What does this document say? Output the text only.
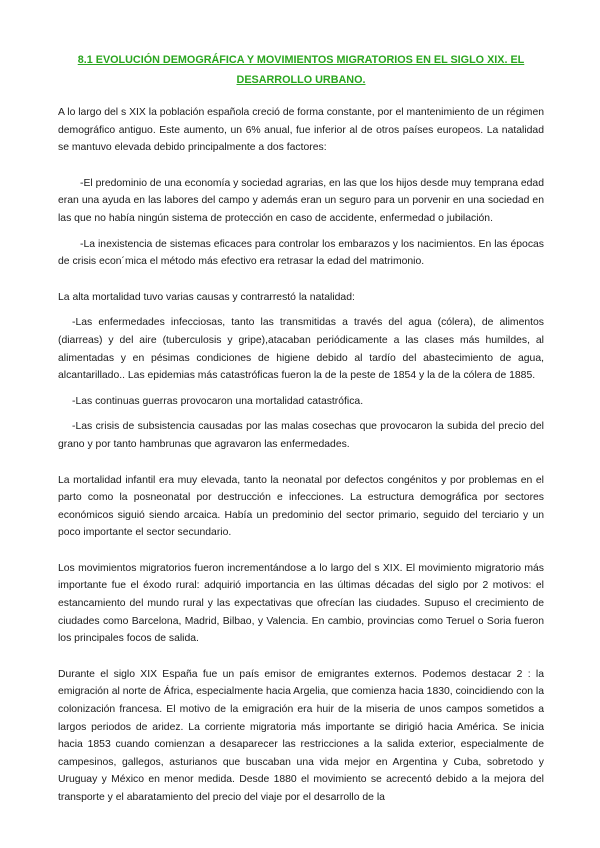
8.1 EVOLUCIÓN DEMOGRÁFICA Y MOVIMIENTOS MIGRATORIOS EN EL SIGLO XIX. EL DESARROLLO URBANO.

A lo largo del s XIX la población española creció de forma constante, por el mantenimiento de un régimen demográfico antiguo. Este aumento, un 6% anual, fue inferior al de otros países europeos. La natalidad se mantuvo elevada debido principalmente a dos factores:

-El predominio de una economía y sociedad agrarias, en las que los hijos desde muy temprana edad eran una ayuda en las labores del campo y además eran un seguro para un porvenir en una sociedad en las que no había ningún sistema de protección en caso de accidente, enfermedad o jubilación.

-La inexistencia de sistemas eficaces para controlar los embarazos y los nacimientos. En las épocas de crisis econ´mica el método más efectivo era retrasar la edad del matrimonio.

La alta mortalidad tuvo varias causas y contrarrestó la natalidad:

-Las enfermedades infecciosas, tanto las transmitidas a través del agua (cólera), de alimentos (diarreas) y del aire (tuberculosis y gripe),atacaban periódicamente a las clases más humildes, al alimentadas y en pésimas condiciones de higiene debido al tardío del abastecimiento de agua, alcantarillado.. Las epidemias más catastróficas fueron la de la peste de 1854 y la de la cólera de 1885.

-Las continuas guerras provocaron una mortalidad catastrófica.

-Las crisis de subsistencia causadas por las malas cosechas que provocaron la subida del precio del grano y por tanto hambrunas que agravaron las enfermedades.

La mortalidad infantil era muy elevada, tanto la neonatal por defectos congénitos y por problemas en el parto como la posneonatal por destrucción e infecciones. La estructura demográfica por sectores económicos siguió siendo arcaica. Había un predominio del sector primario, seguido del terciario y un poco importante el sector secundario.

Los movimientos migratorios fueron incrementándose a lo largo del s XIX. El movimiento migratorio más importante fue el éxodo rural: adquirió importancia en las últimas décadas del siglo por 2 motivos: el estancamiento del mundo rural y las expectativas que ofrecían las ciudades. Supuso el crecimiento de ciudades como Barcelona, Madrid, Bilbao, y Valencia. En cambio, provincias como Teruel o Soria fueron los principales focos de salida.

Durante el siglo XIX España fue un país emisor de emigrantes externos. Podemos destacar 2 : la emigración al norte de África, especialmente hacia Argelia, que comienza hacia 1830, coincidiendo con la colonización francesa. El motivo de la emigración era huir de la miseria de unos campos sometidos a largos periodos de aridez. La corriente migratoria más importante se dirigió hacia América. Se inicia hacia 1853 cuando comienzan a desaparecer las restricciones a la salida exterior, especialmente de campesinos, gallegos, asturianos que buscaban una vida mejor en Argentina y Cuba, sobretodo y Uruguay y México en menor medida. Desde 1880 el movimiento se acrecentó debido a la mejora del transporte y el abaratamiento del precio del viaje por el desarrollo de la
